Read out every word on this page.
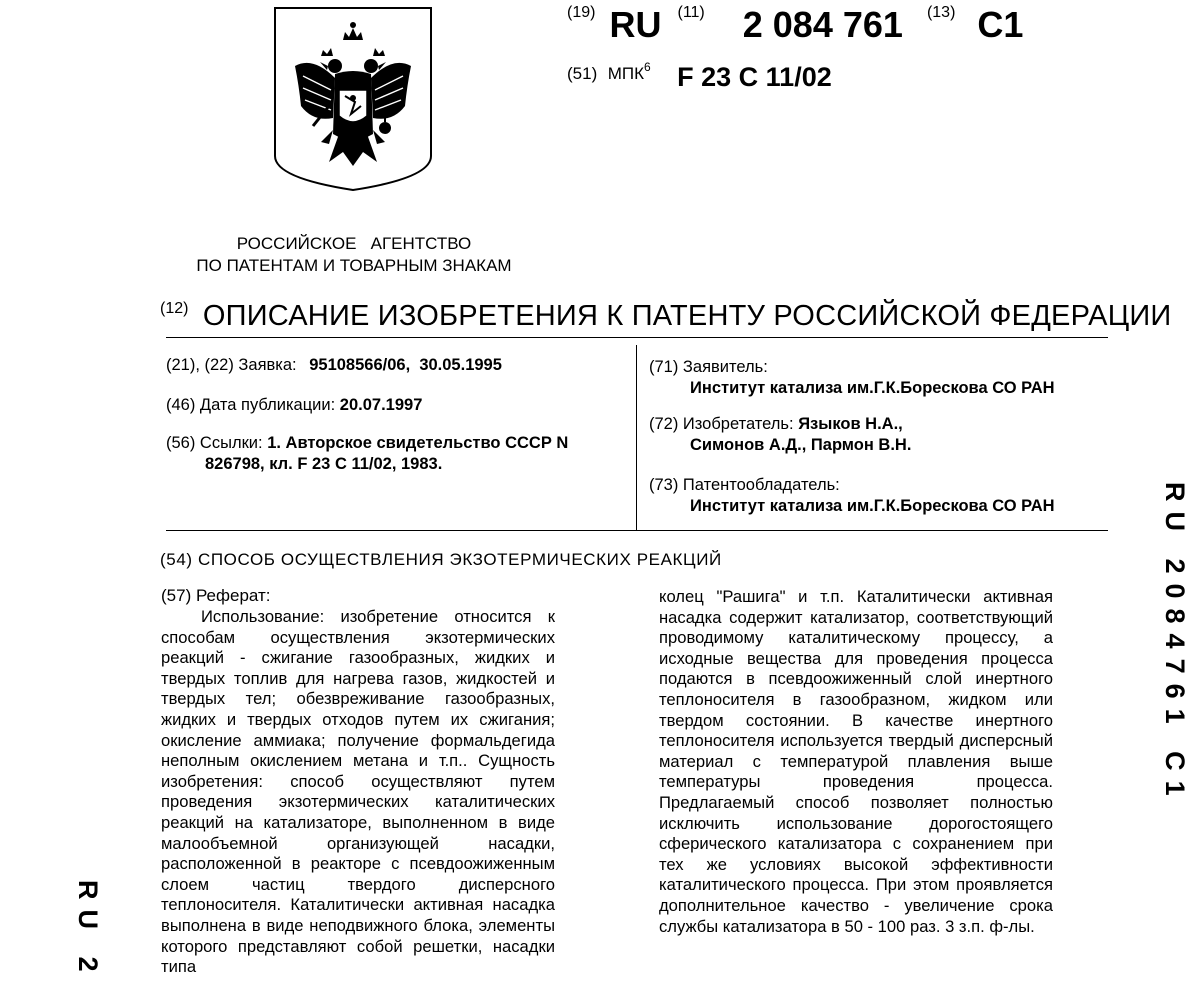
$^{(19)}$ RU $^{(11)}$ 2 084 761 $^{(13)}$ C1
(51) МПК$^6$ F 23 C 11/02
РОССИЙСКОЕ   АГЕНТСТВО
ПО ПАТЕНТАМ И ТОВАРНЫМ ЗНАКАМ
(12) ОПИСАНИЕ ИЗОБРЕТЕНИЯ К ПАТЕНТУ РОССИЙСКОЙ ФЕДЕРАЦИИ
(21), (22) Заявка: 95108566/06,  30.05.1995
(46) Дата публикации: 20.07.1997
(56) Ссылки: 1. Авторское свидетельство СССР N
826798, кл. F 23 C 11/02, 1983.
(71) Заявитель:
Институт катализа им.Г.К.Борескова СО РАН
(72) Изобретатель: Языков Н.А.,
Симонов А.Д., Пармон В.Н.
(73) Патентообладатель:
Институт катализа им.Г.К.Борескова СО РАН
(54) СПОСОБ ОСУЩЕСТВЛЕНИЯ ЭКЗОТЕРМИЧЕСКИХ РЕАКЦИЙ
(57) Реферат:

Использование: изобретение относится к способам осуществления экзотермических реакций - сжигание газообразных, жидких и твердых топлив для нагрева газов, жидкостей и твердых тел; обезвреживание газообразных, жидких и твердых отходов путем их сжигания; окисление аммиака; получение формальдегида неполным окислением метана и т.п.. Сущность изобретения: способ осуществляют путем проведения экзотермических каталитических реакций на катализаторе, выполненном в виде малообъемной организующей насадки, расположенной в реакторе с псевдоожиженным слоем частиц твердого дисперсного теплоносителя. Каталитически активная насадка выполнена в виде неподвижного блока, элементы которого представляют собой решетки, насадки типа

колец "Рашига" и т.п. Каталитически активная насадка содержит катализатор, соответствующий проводимому каталитическому процессу, а исходные вещества для проведения процесса подаются в псевдоожиженный слой инертного теплоносителя в газообразном, жидком или твердом состоянии. В качестве инертного теплоносителя используется твердый дисперсный материал с температурой плавления выше температуры проведения процесса. Предлагаемый способ позволяет полностью исключить использование дорогостоящего сферического катализатора с сохранением при тех же условиях высокой эффективности каталитического процесса. При этом проявляется дополнительное качество - увеличение срока службы катализатора в 50 - 100 раз. 3 з.п. ф-лы.

RU 2084761 C1
RU 2
